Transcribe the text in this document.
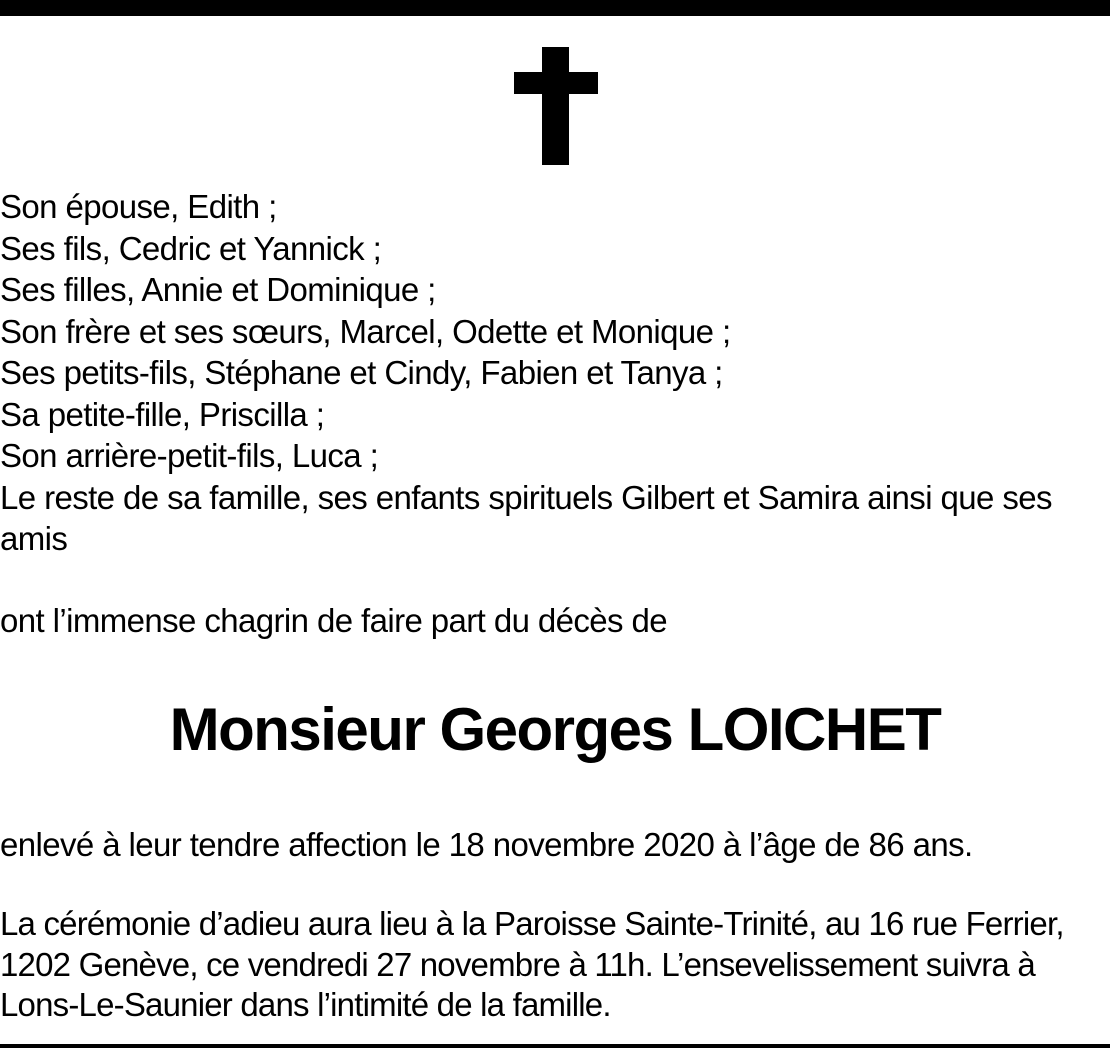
Son épouse, Edith ;
Ses fils, Cedric et Yannick ;
Ses filles, Annie et Dominique ;
Son frère et ses sœurs, Marcel, Odette et Monique ;
Ses petits-fils, Stéphane et Cindy, Fabien et Tanya ;
Sa petite-fille, Priscilla ;
Son arrière-petit-fils, Luca ;
Le reste de sa famille, ses enfants spirituels Gilbert et Samira ainsi que ses amis
ont l’immense chagrin de faire part du décès de
Monsieur Georges LOICHET
enlevé à leur tendre affection le 18 novembre 2020 à l’âge de 86 ans.

La cérémonie d’adieu aura lieu à la Paroisse Sainte-Trinité, au 16 rue Ferrier, 1202 Genève, ce vendredi 27 novembre à 11h. L’ensevelissement suivra à Lons-Le-Saunier dans l’intimité de la famille.
